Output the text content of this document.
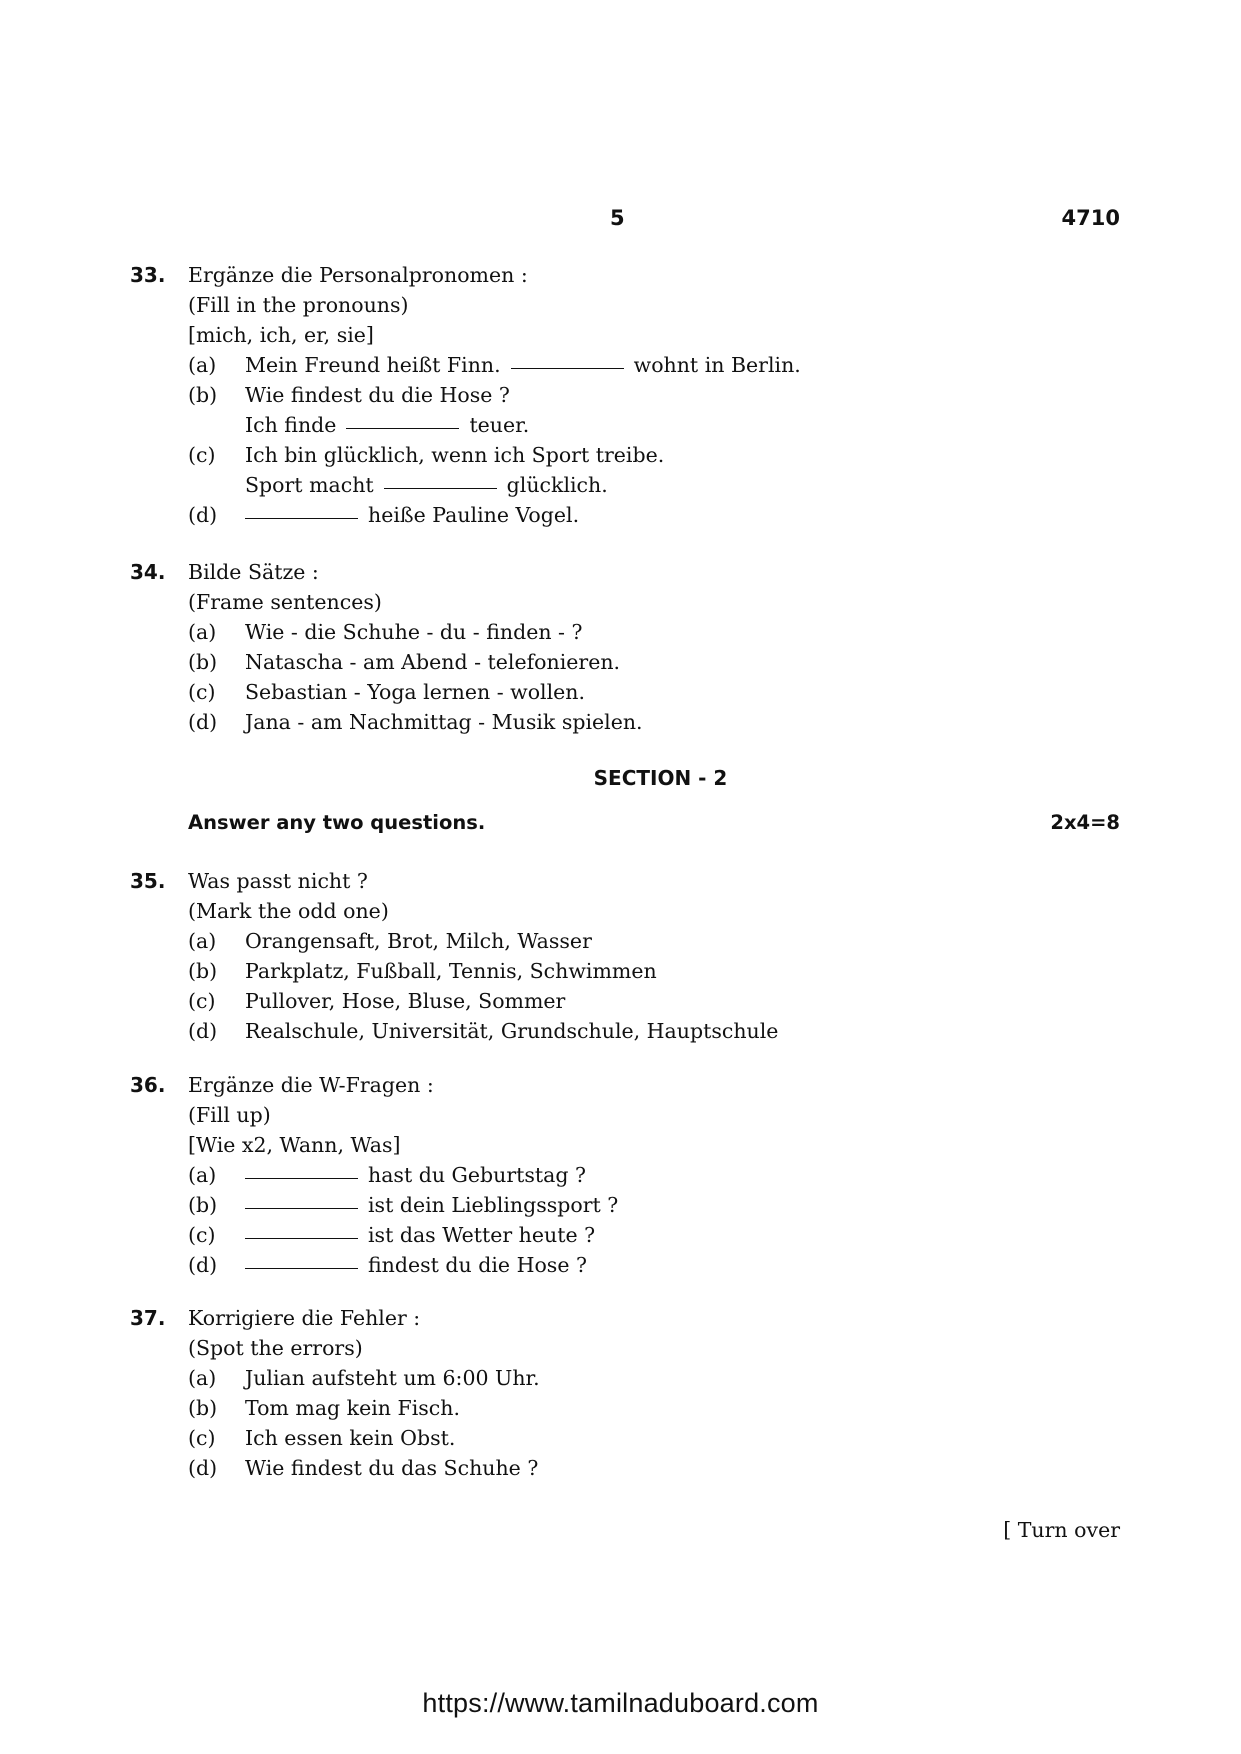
5	4710
33. Ergänze die Personalpronomen :
(Fill in the pronouns)
[mich, ich, er, sie]
(a) Mein Freund heißt Finn.	wohnt in Berlin.
(b) Wie findest du die Hose ?
Ich finde	teuer.
(c) Ich bin glücklich, wenn ich Sport treibe.
Sport macht	glücklich.
(d)	heiße Pauline Vogel.
34. Bilde Sätze :
(Frame sentences)
(a) Wie - die Schuhe - du - finden - ?
(b) Natascha - am Abend - telefonieren.
(c) Sebastian - Yoga lernen - wollen.
(d) Jana - am Nachmittag - Musik spielen.
SECTION - 2
Answer any two questions.	2x4=8
35. Was passt nicht ?
(Mark the odd one)
(a) Orangensaft, Brot, Milch, Wasser
(b) Parkplatz, Fußball, Tennis, Schwimmen
(c) Pullover, Hose, Bluse, Sommer
(d) Realschule, Universität, Grundschule, Hauptschule
36. Ergänze die W-Fragen :
(Fill up)
[Wie x2, Wann, Was]
(a)	hast du Geburtstag ?
(b)	ist dein Lieblingssport ?
(c)	ist das Wetter heute ?
(d)	findest du die Hose ?
37. Korrigiere die Fehler :
(Spot the errors)
(a) Julian aufsteht um 6:00 Uhr.
(b) Tom mag kein Fisch.
(c) Ich essen kein Obst.
(d) Wie findest du das Schuhe ?
[ Turn over
https://www.tamilnaduboard.com
